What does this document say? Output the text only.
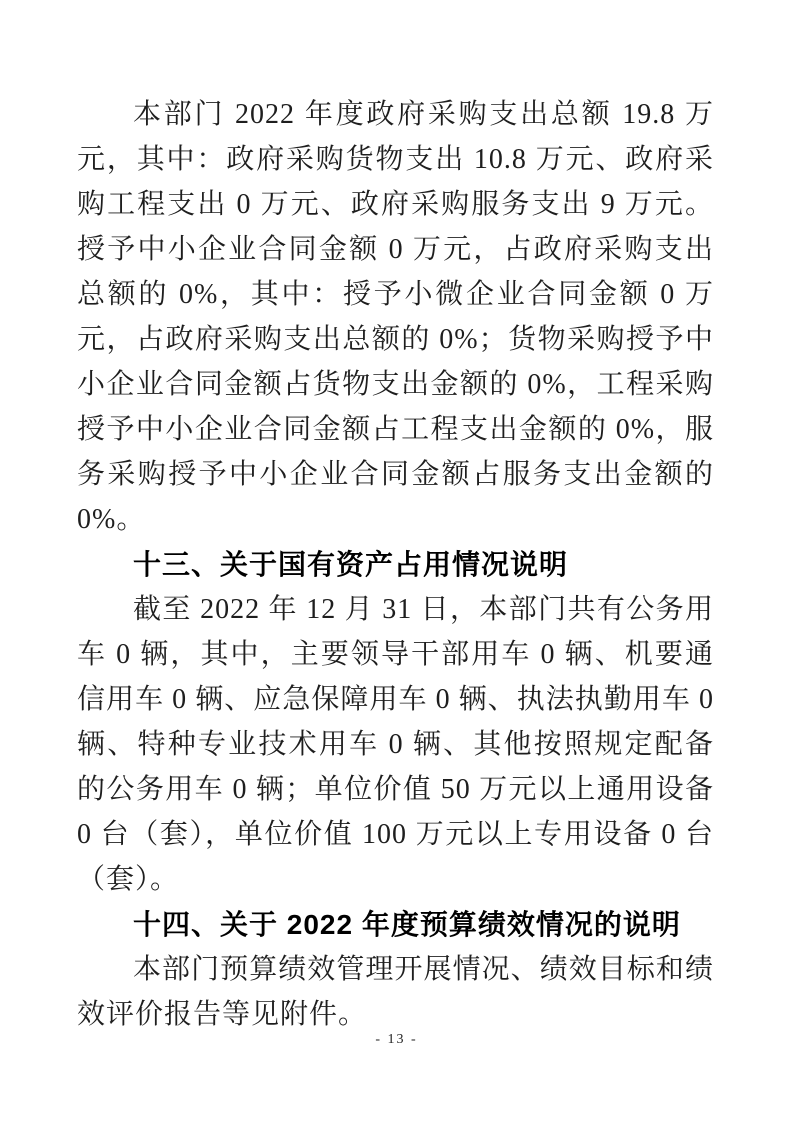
本部门 2022 年度政府采购支出总额 19.8 万元，其中：政府采购货物支出 10.8 万元、政府采购工程支出 0 万元、政府采购服务支出 9 万元。授予中小企业合同金额 0 万元，占政府采购支出总额的 0%，其中：授予小微企业合同金额 0 万元，占政府采购支出总额的 0%；货物采购授予中小企业合同金额占货物支出金额的 0%，工程采购授予中小企业合同金额占工程支出金额的 0%，服务采购授予中小企业合同金额占服务支出金额的 0%。

十三、关于国有资产占用情况说明

截至 2022 年 12 月 31 日，本部门共有公务用车 0 辆，其中，主要领导干部用车 0 辆、机要通信用车 0 辆、应急保障用车 0 辆、执法执勤用车 0 辆、特种专业技术用车 0 辆、其他按照规定配备的公务用车 0 辆；单位价值 50 万元以上通用设备 0 台（套），单位价值 100 万元以上专用设备 0 台（套）。

十四、关于 2022 年度预算绩效情况的说明

本部门预算绩效管理开展情况、绩效目标和绩效评价报告等见附件。

- 13 -
